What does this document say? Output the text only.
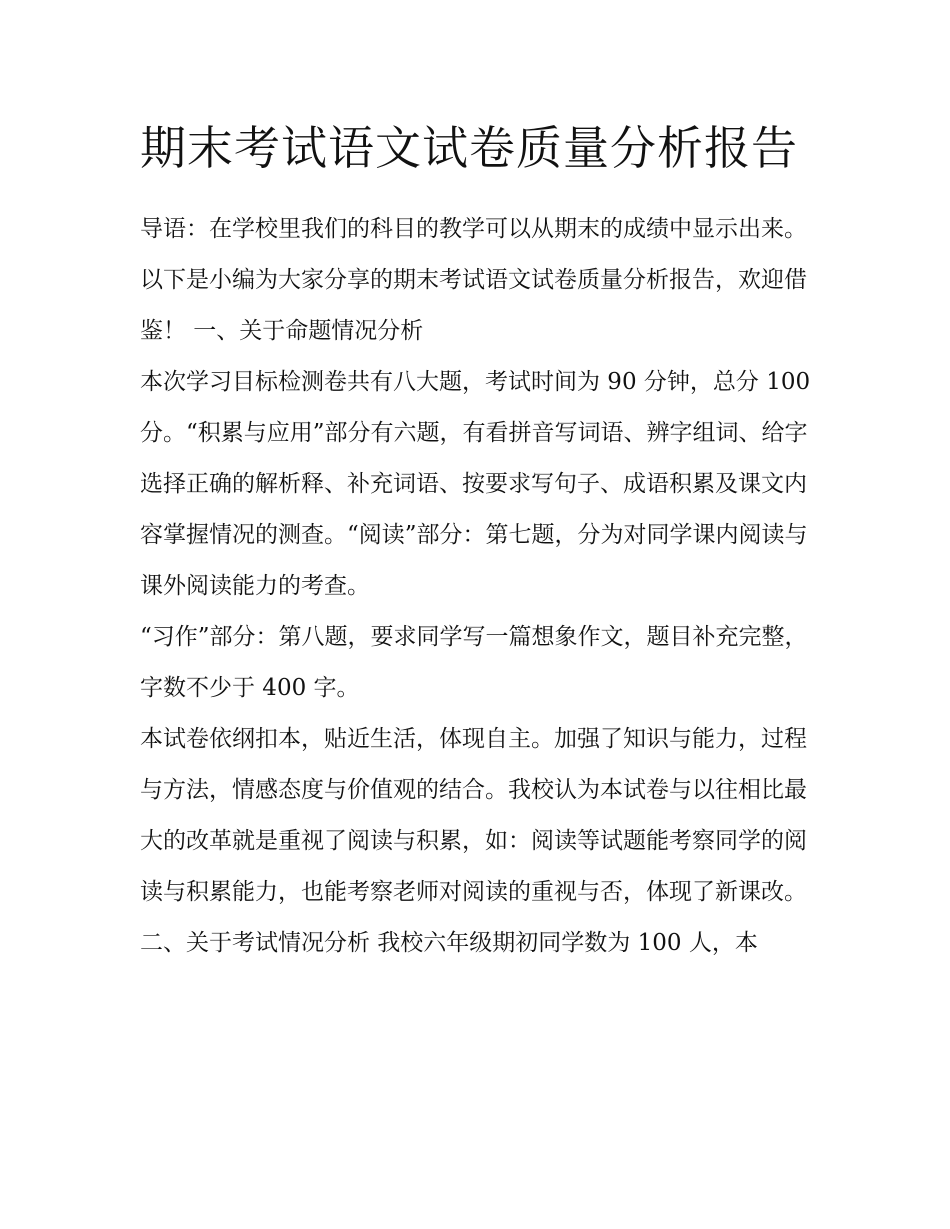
期末考试语文试卷质量分析报告

导语：在学校里我们的科目的教学可以从期末的成绩中显示出来。以下是小编为大家分享的期末考试语文试卷质量分析报告，欢迎借鉴！ 一、关于命题情况分析

本次学习目标检测卷共有八大题，考试时间为 90 分钟，总分 100 分。“积累与应用”部分有六题，有看拼音写词语、辨字组词、给字选择正确的解析释、补充词语、按要求写句子、成语积累及课文内容掌握情况的测查。“阅读”部分：第七题，分为对同学课内阅读与课外阅读能力的考查。

“习作”部分：第八题，要求同学写一篇想象作文，题目补充完整，字数不少于 400 字。

本试卷依纲扣本，贴近生活，体现自主。加强了知识与能力，过程与方法，情感态度与价值观的结合。我校认为本试卷与以往相比最大的改革就是重视了阅读与积累，如：阅读等试题能考察同学的阅读与积累能力，也能考察老师对阅读的重视与否，体现了新课改。

二、关于考试情况分析 我校六年级期初同学数为 100 人，本
